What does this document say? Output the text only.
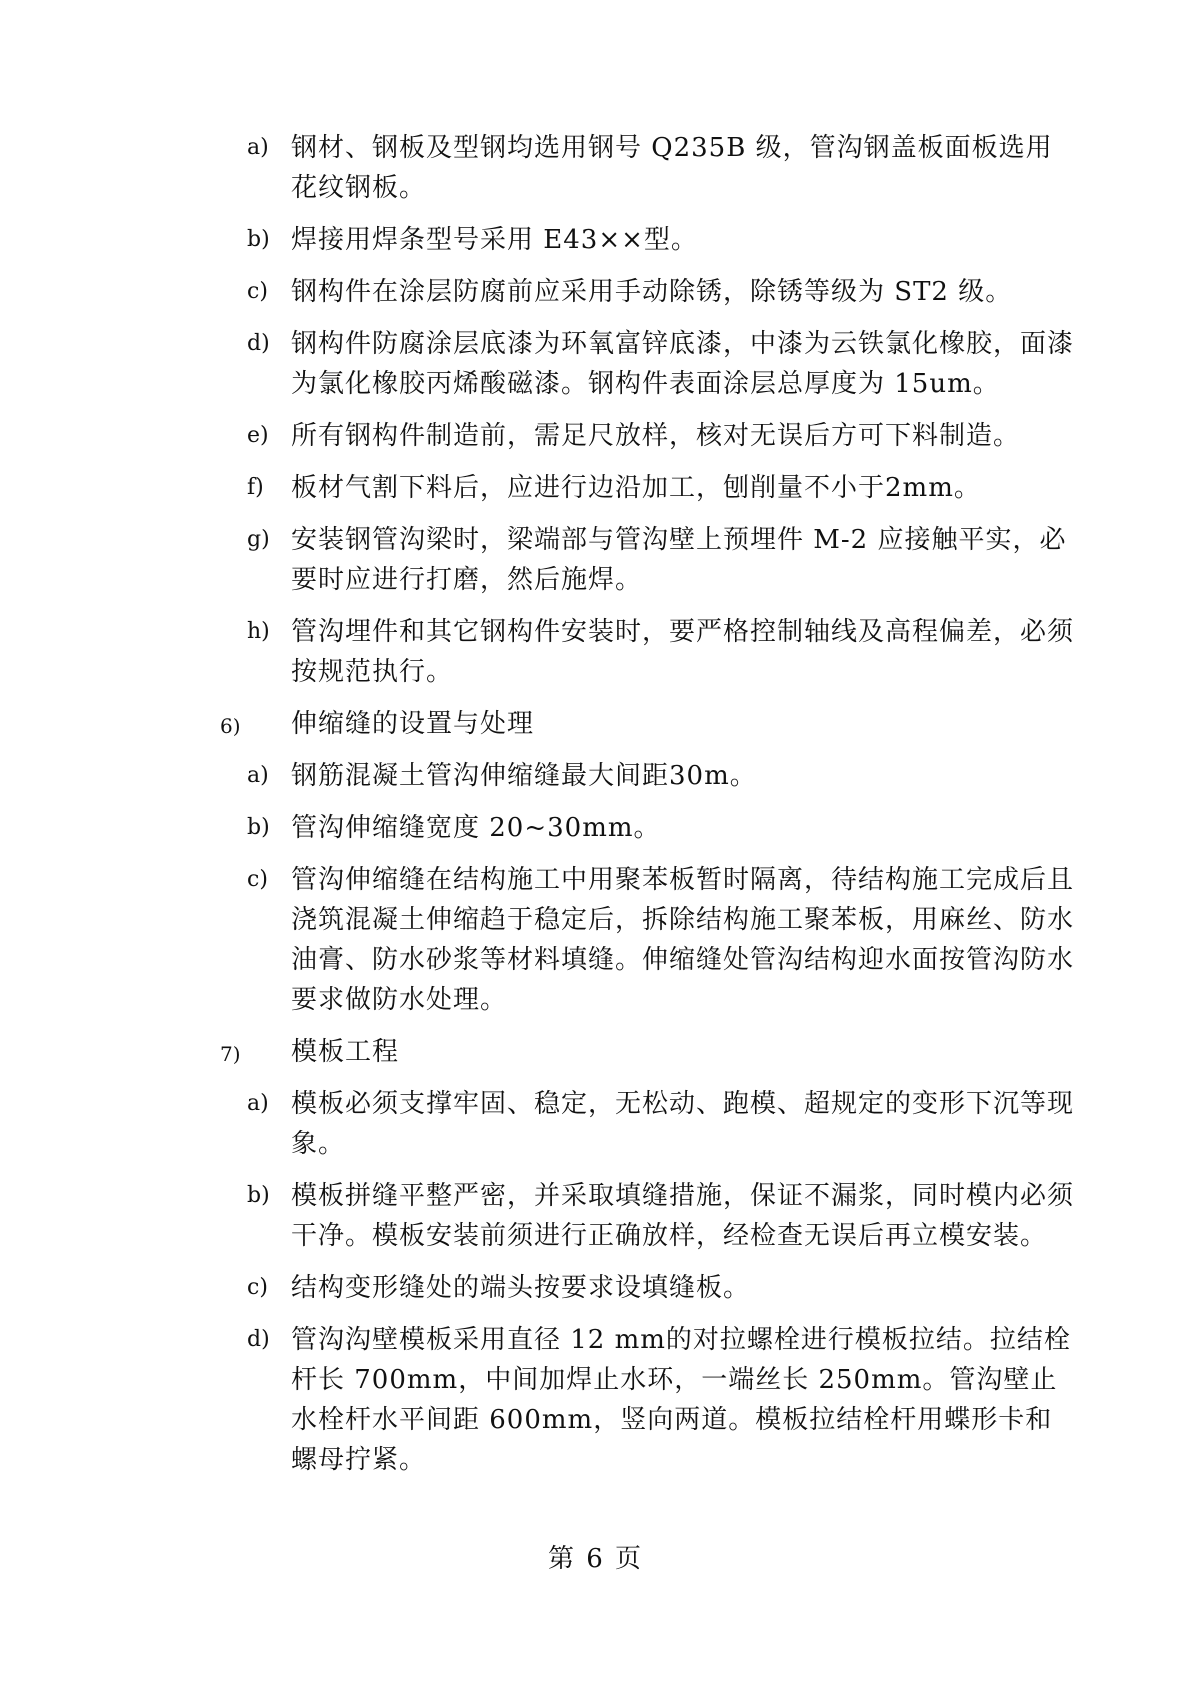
a) 钢材、钢板及型钢均选用钢号 Q235B 级，管沟钢盖板面板选用花纹钢板。
b) 焊接用焊条型号采用 E43××型。
c) 钢构件在涂层防腐前应采用手动除锈，除锈等级为 ST2 级。
d) 钢构件防腐涂层底漆为环氧富锌底漆，中漆为云铁氯化橡胶，面漆为氯化橡胶丙烯酸磁漆。钢构件表面涂层总厚度为 15um。
e) 所有钢构件制造前，需足尺放样，核对无误后方可下料制造。
f) 板材气割下料后，应进行边沿加工，刨削量不小于2mm。
g) 安装钢管沟梁时，梁端部与管沟壁上预埋件 M-2 应接触平实，必要时应进行打磨，然后施焊。
h) 管沟埋件和其它钢构件安装时，要严格控制轴线及高程偏差，必须按规范执行。
6) 伸缩缝的设置与处理
a) 钢筋混凝土管沟伸缩缝最大间距30m。
b) 管沟伸缩缝宽度 20~30mm。
c) 管沟伸缩缝在结构施工中用聚苯板暂时隔离，待结构施工完成后且浇筑混凝土伸缩趋于稳定后，拆除结构施工聚苯板，用麻丝、防水油膏、防水砂浆等材料填缝。伸缩缝处管沟结构迎水面按管沟防水要求做防水处理。
7) 模板工程
a) 模板必须支撑牢固、稳定，无松动、跑模、超规定的变形下沉等现象。
b) 模板拼缝平整严密，并采取填缝措施，保证不漏浆，同时模内必须干净。模板安装前须进行正确放样，经检查无误后再立模安装。
c) 结构变形缝处的端头按要求设填缝板。
d) 管沟沟壁模板采用直径 12 mm的对拉螺栓进行模板拉结。拉结栓杆长 700mm，中间加焊止水环，一端丝长 250mm。管沟壁止水栓杆水平间距 600mm，竖向两道。模板拉结栓杆用蝶形卡和螺母拧紧。
第 6 页
